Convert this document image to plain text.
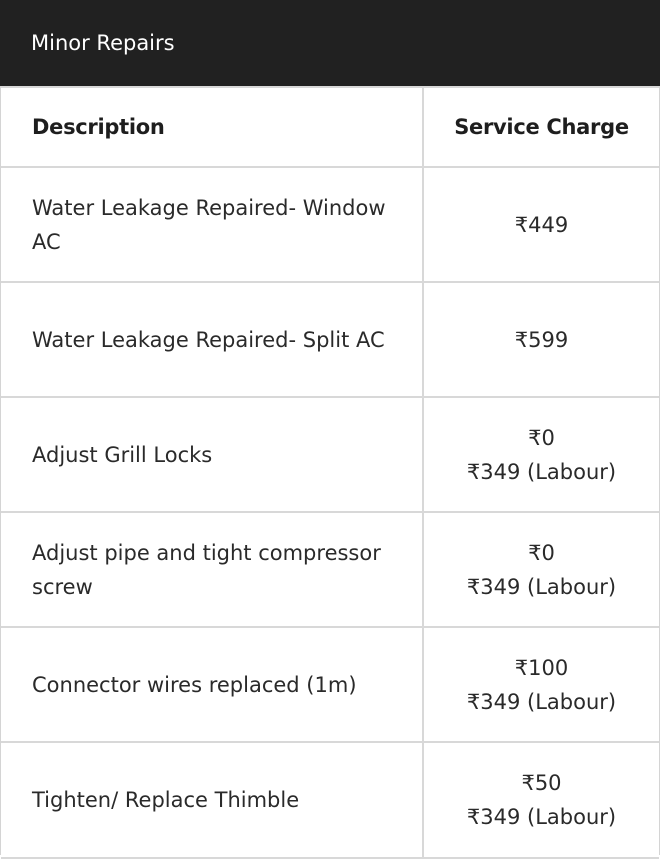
Minor Repairs
Description	Service Charge
Water Leakage Repaired- Window AC	₹449

Water Leakage Repaired- Split AC	₹599

Adjust Grill Locks	₹0
₹349 (Labour)

Adjust pipe and tight compressor screw	₹0
₹349 (Labour)

Connector wires replaced (1m)	₹100
₹349 (Labour)

Tighten/ Replace Thimble	₹50
₹349 (Labour)
